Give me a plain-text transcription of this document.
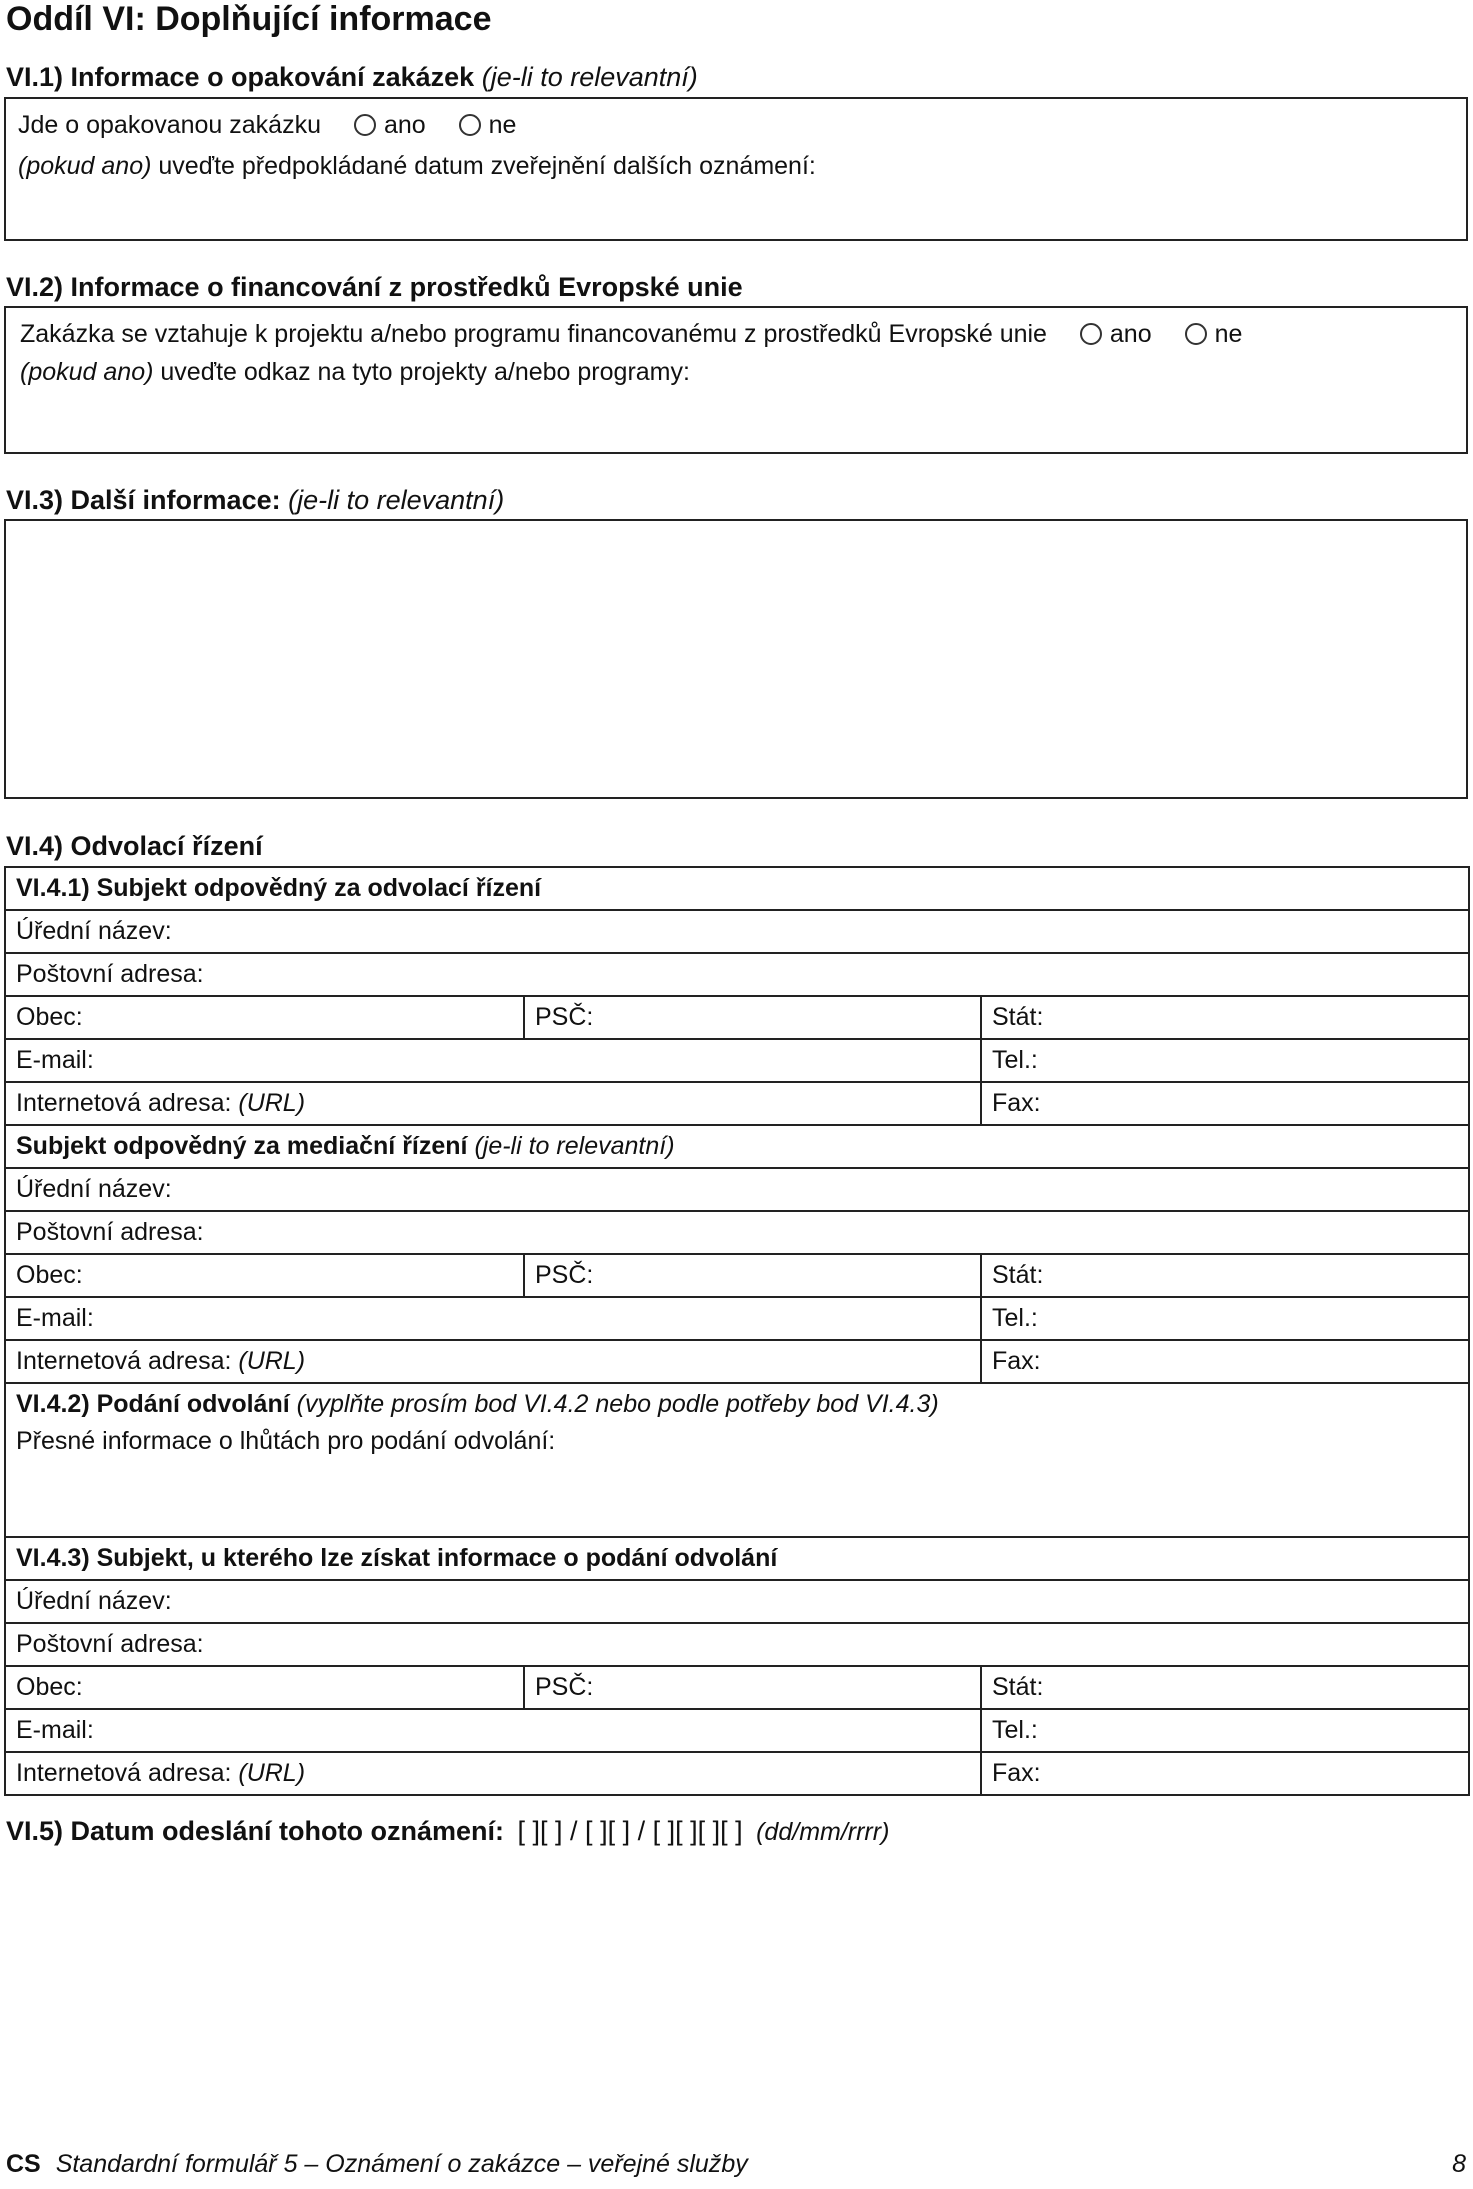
Oddíl VI: Doplňující informace
VI.1) Informace o opakování zakázek (je-li to relevantní)
Jde o opakovanou zakázku	ano	ne
(pokud ano) uveďte předpokládané datum zveřejnění dalších oznámení:
VI.2) Informace o financování z prostředků Evropské unie
Zakázka se vztahuje k projektu a/nebo programu financovanému z prostředků Evropské unie	ano	ne
(pokud ano) uveďte odkaz na tyto projekty a/nebo programy:
VI.3) Další informace: (je-li to relevantní)
VI.4) Odvolací řízení
VI.4.1) Subjekt odpovědný za odvolací řízení		
Úřední název:		
Poštovní adresa:		
Obec:	PSČ:	Stát:
E-mail:		Tel.:
Internetová adresa: (URL)		Fax:
Subjekt odpovědný za mediační řízení (je-li to relevantní)		
Úřední název:		
Poštovní adresa:		
Obec:	PSČ:	Stát:
E-mail:		Tel.:
Internetová adresa: (URL)		Fax:

VI.4.2) Podání odvolání (vyplňte prosím bod VI.4.2 nebo podle potřeby bod VI.4.3)
Přesné informace o lhůtách pro podání odvolání:		

VI.4.3) Subjekt, u kterého lze získat informace o podání odvolání		
Úřední název:		
Poštovní adresa:		
Obec:	PSČ:	Stát:
E-mail:		Tel.:
Internetová adresa: (URL)		Fax:
VI.5) Datum odeslání tohoto oznámení: [ ][ ] / [ ][ ] / [ ][ ][ ][ ] (dd/mm/rrrr)
CS Standardní formulář 5 – Oznámení o zakázce – veřejné služby	8
